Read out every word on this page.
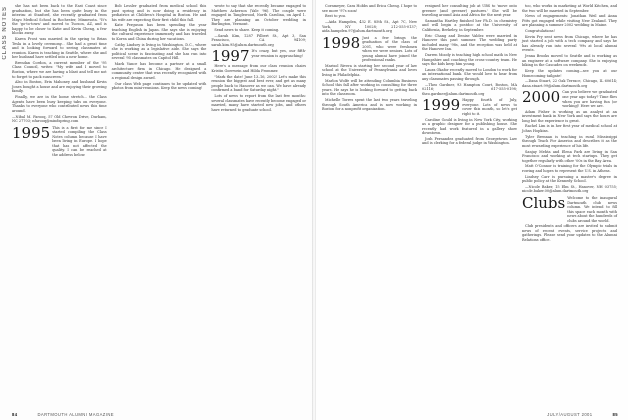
CLASS NOTES	she has not been back to the East Coast since graduation, but she has been quite busy in the interim: at Stanford, she recently graduated from Mayo Medical School in Rochester, Minnesota. "It's the 'go-to-town' and moved to Tucson, AZ, and is happy to be closer to Katie and Kevin Cheng, a few blocks away.

Karen Frost was married in the spring to Brian Tesla in a lovely ceremony... She had a great time and is looking forward to seeing classmates at reunion. Karen is teaching in Seattle, where she and her husband have settled into a new home.

Brendan Cordon, a current member of the '95 Class Council, writes: "My wife and I moved to Boston, where we are having a blast and tell me not to forget to pack sunscreen."

Also in Boston, Erin Mahoney and husband Kevin Jones bought a house and are enjoying their growing family.

Finally, we are in the home stretch... the Class Agents have been busy keeping tabs on everyone. Thanks to everyone who contributed news this time around.

—Nibal M. Farooq, 57 Old Chevron Drive, Durham, NC 27703; nfarooq@mindspring.com
1995 This is a first for me since I started compiling the Class Notes column because I have been living in Europe. I hope that has not affected the quality. I can be reached at the address below.

Bob Lessler graduated from medical school this past spring and is now doing a residency in pediatrics at Children's Hospital in Boston. He and his wife are expecting their first child this fall.

Kate Ferguson has been spending the year teaching English in Japan. She says she is enjoying the cultural experience immensely and has traveled to Korea and China during her vacations.

Cathy Lindsey is living in Washington, D.C., where she is working as a legislative aide. She says the political scene is fascinating and she has run into several '95 classmates on Capitol Hill.

Mark Vance has become a partner at a small architecture firm in Chicago. He designed a community center that was recently recognized with a regional design award.

Our class Web page continues to be updated with photos from mini-reunions. Keep the news coming!

wrote to say that she recently became engaged to Matthew Ackerson (Yale '96). The couple were engaged in Tanglewood, North Carolina, on April 1. They are planning an October wedding in Burlington, Vermont.

Send news to share. Keep it coming.

—Sarah Kim, 1287 Filbert St., Apt 3, San Francisco, CA 94109; sarah.kim.95@alum.dartmouth.org

1997 It's crazy, but yes, our fifth-year reunion is approaching!

Here's a message from our class reunion chairs Kristin Goerwein and Hilda Frommer.

"Mark the date! June 13–16, 2002! Let's make this reunion the biggest and best ever, and get as many people back to Hanover as we can. We have already confirmed a band for Saturday night."

Lots of news to report from the last few months: several classmates have recently become engaged or married, many have started new jobs, and others have returned to graduate school.

84	DARTMOUTH ALUMNI MAGAZINE

Cornmeyer, Cara Hobbs and Erica Cheng. I hope to see more '97s soon!

Best to you.

—Aida Hampden, 432 E. 85th St., Apt 7C, New York, NY 10028; 212-555-0137; aida.hampden.97@alum.dartmouth.org

1998 Just a few brings the graduation of the class of 2001, who were freshmen when we were seniors. Lots of young alumni have joined the professional ranks.

Marisol Rivera is starting her second year of law school at the University of Pennsylvania and loves living in Philadelphia.

Marlon Wolfe will be attending Columbia Business School this fall after working in consulting for three years. He says he is looking forward to getting back into the classroom.

Michelle Torres spent the last two years traveling through South America and is now working in Boston for a nonprofit organization.

resigned her consulting job at UBS to 'move onto greener (and greener) pastures.' She will be traveling around Asia and Africa for the next year.

Samantha Hartley finished her Ph.D. in chemistry and will begin a postdoc at the University of California, Berkeley, in September.

Eric Chang and Denise Valdez were married in Hanover this past summer. The wedding party included many '98s, and the reception was held at the Hanover Inn.

Darren Moody is teaching high school math in New Hampshire and coaching the cross-country team. He says the kids keep him young.

Laura Okafor recently moved to London to work for an international bank. She would love to hear from any classmates passing through.

—Theo Gardner, 93 Hampton Court, Boston, MA 02116; 617-555-0198; theo.gardner@alum.dartmouth.org

1999 Happy fourth of July, everyone. Lots of news to cover this month, so let's get right to it.

Caroline Gould is living in New York City, working as a graphic designer for a publishing house. She recently had work featured in a gallery show downtown.

Josh Fernandez graduated from Georgetown Law and is clerking for a federal judge in Washington.

too, who works in marketing at World Kitchen, and the two will be married in September.

News of engagements: Jonathan Weil and Anna Pitts got engaged while visiting New Zealand. They are planning a summer 2002 wedding in Maine.

Congratulations!

Kevin Fry sent news from Chicago, where he has just started a job with a tech company and says he has already run into several '99s at local alumni events.

Jenna Brooks moved to Seattle and is working as an engineer at a software company. She is enjoying hiking in the Cascades on weekends.

Keep the updates coming—see you at our Homecoming tailgate!

—Dana Stuart, 22 Oak Terrace, Chicago, IL 60614; dana.stuart.99@alum.dartmouth.org

2000 Can you believe we graduated one year ago today? Time flies when you are having fun (or working)! Here we are.

Adam Fisher is working as an analyst at an investment bank in New York and says the hours are long but the experience is great.

Rachel Lim is in her first year of medical school at Johns Hopkins.

Tyler Brennan is teaching in rural Mississippi through Teach For America and describes it as the most rewarding experience of his life.

Sanjay Mehta and Elena Park are living in San Francisco and working at tech startups. They get together regularly with other '00s in the Bay Area.

Matt O'Connor is training for the Olympic trials in rowing and hopes to represent the U.S. in Athens.

Lindsey Carr is pursuing a master's degree in public policy at the Kennedy School.

—Nicole Baker, 15 Elm St., Hanover, NH 03755; nicole.baker.00@alum.dartmouth.org

Clubs Welcome to the inaugural Dartmouth club news column. We intend to fill this space each month with news about the hundreds of clubs around the world.

Club presidents and officers are invited to submit news of recent events, service projects and gatherings. Please send your updates to the Alumni Relations office.

JULY/AUGUST 2001	85
